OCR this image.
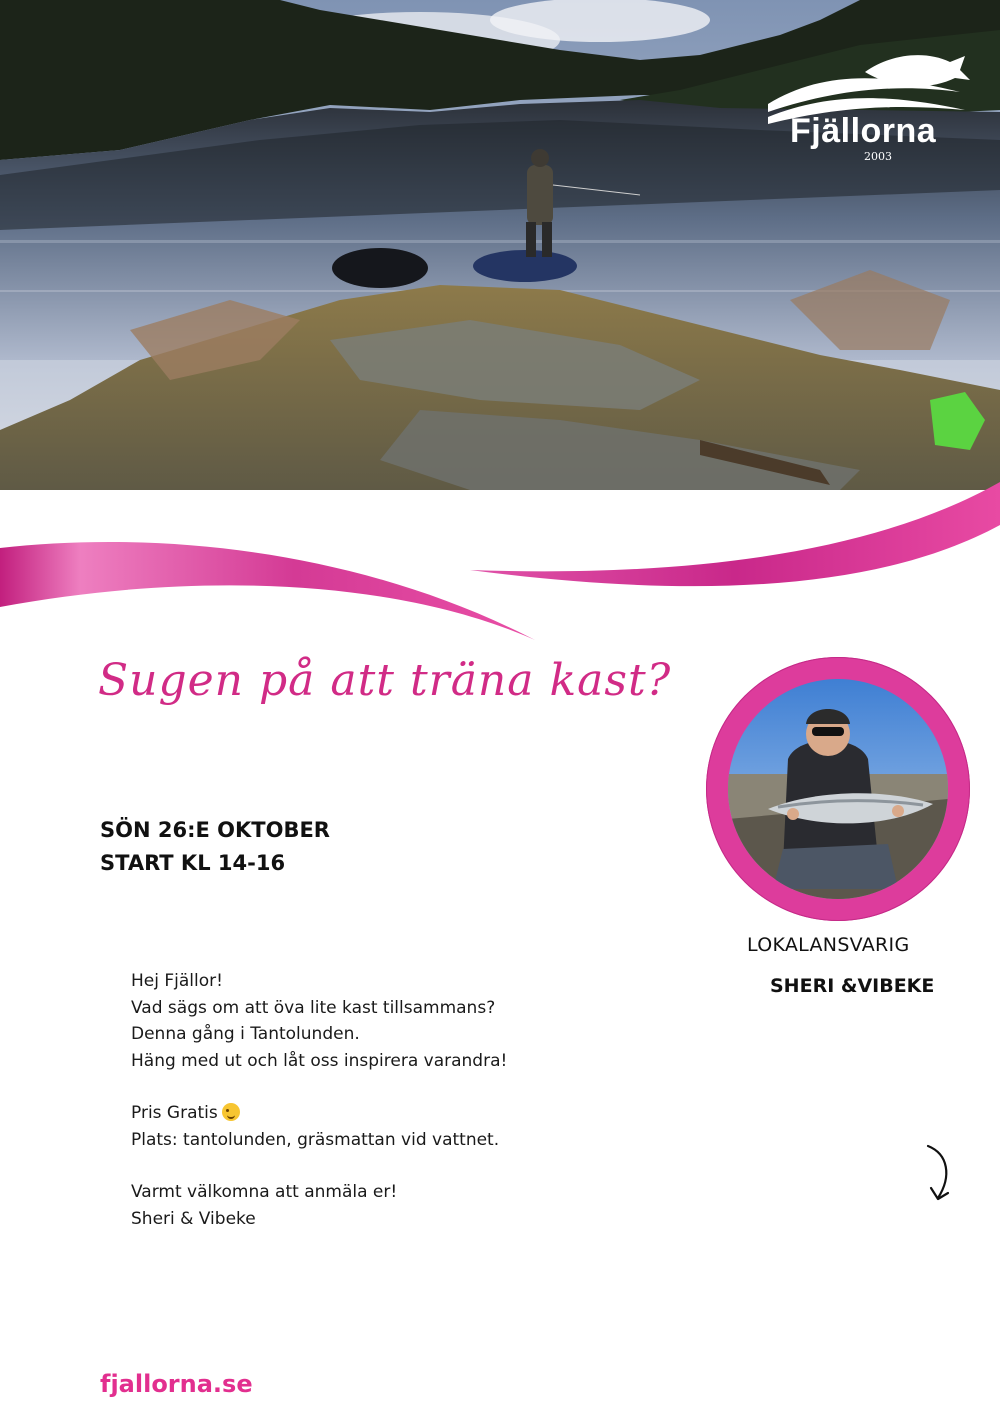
Fjällorna
2003
Sugen på att träna kast?
SÖN 26:E OKTOBER
START KL 14-16

Hej Fjällor!

Vad sägs om att öva lite kast tillsammans?

Denna gång i Tantolunden.

Häng med ut och låt oss inspirera varandra!

Pris Gratis

Plats: tantolunden, gräsmattan vid vattnet.

Varmt välkomna att anmäla er!

Sheri & Vibeke

LOKALANSVARIG
SHERI &VIBEKE
fjallorna.se
